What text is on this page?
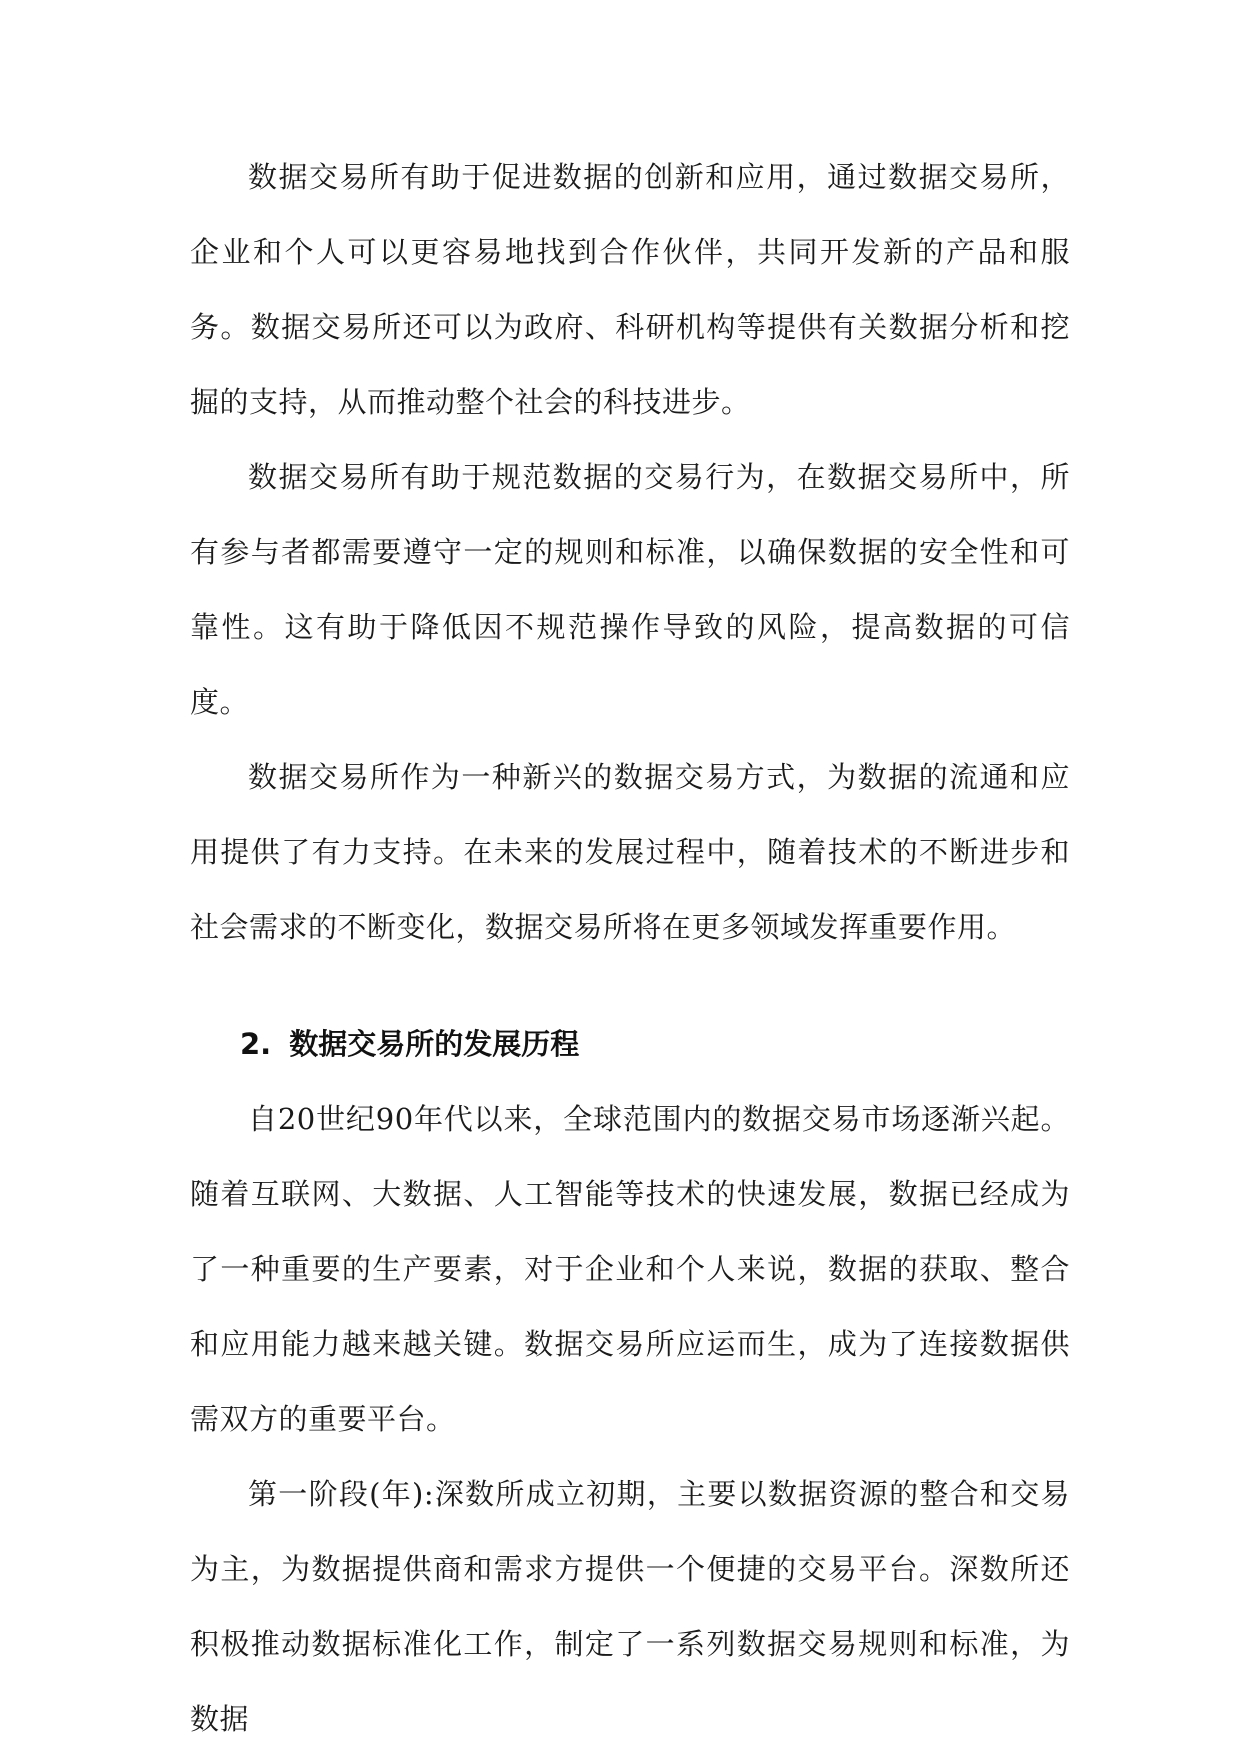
数据交易所有助于促进数据的创新和应用，通过数据交易所，企业和个人可以更容易地找到合作伙伴，共同开发新的产品和服务。数据交易所还可以为政府、科研机构等提供有关数据分析和挖掘的支持，从而推动整个社会的科技进步。

数据交易所有助于规范数据的交易行为，在数据交易所中，所有参与者都需要遵守一定的规则和标准，以确保数据的安全性和可靠性。这有助于降低因不规范操作导致的风险，提高数据的可信度。

数据交易所作为一种新兴的数据交易方式，为数据的流通和应用提供了有力支持。在未来的发展过程中，随着技术的不断进步和社会需求的不断变化，数据交易所将在更多领域发挥重要作用。

2. 数据交易所的发展历程

自20世纪90年代以来，全球范围内的数据交易市场逐渐兴起。随着互联网、大数据、人工智能等技术的快速发展，数据已经成为了一种重要的生产要素，对于企业和个人来说，数据的获取、整合和应用能力越来越关键。数据交易所应运而生，成为了连接数据供需双方的重要平台。

第一阶段(年):深数所成立初期，主要以数据资源的整合和交易为主，为数据提供商和需求方提供一个便捷的交易平台。深数所还积极推动数据标准化工作，制定了一系列数据交易规则和标准，为数据
